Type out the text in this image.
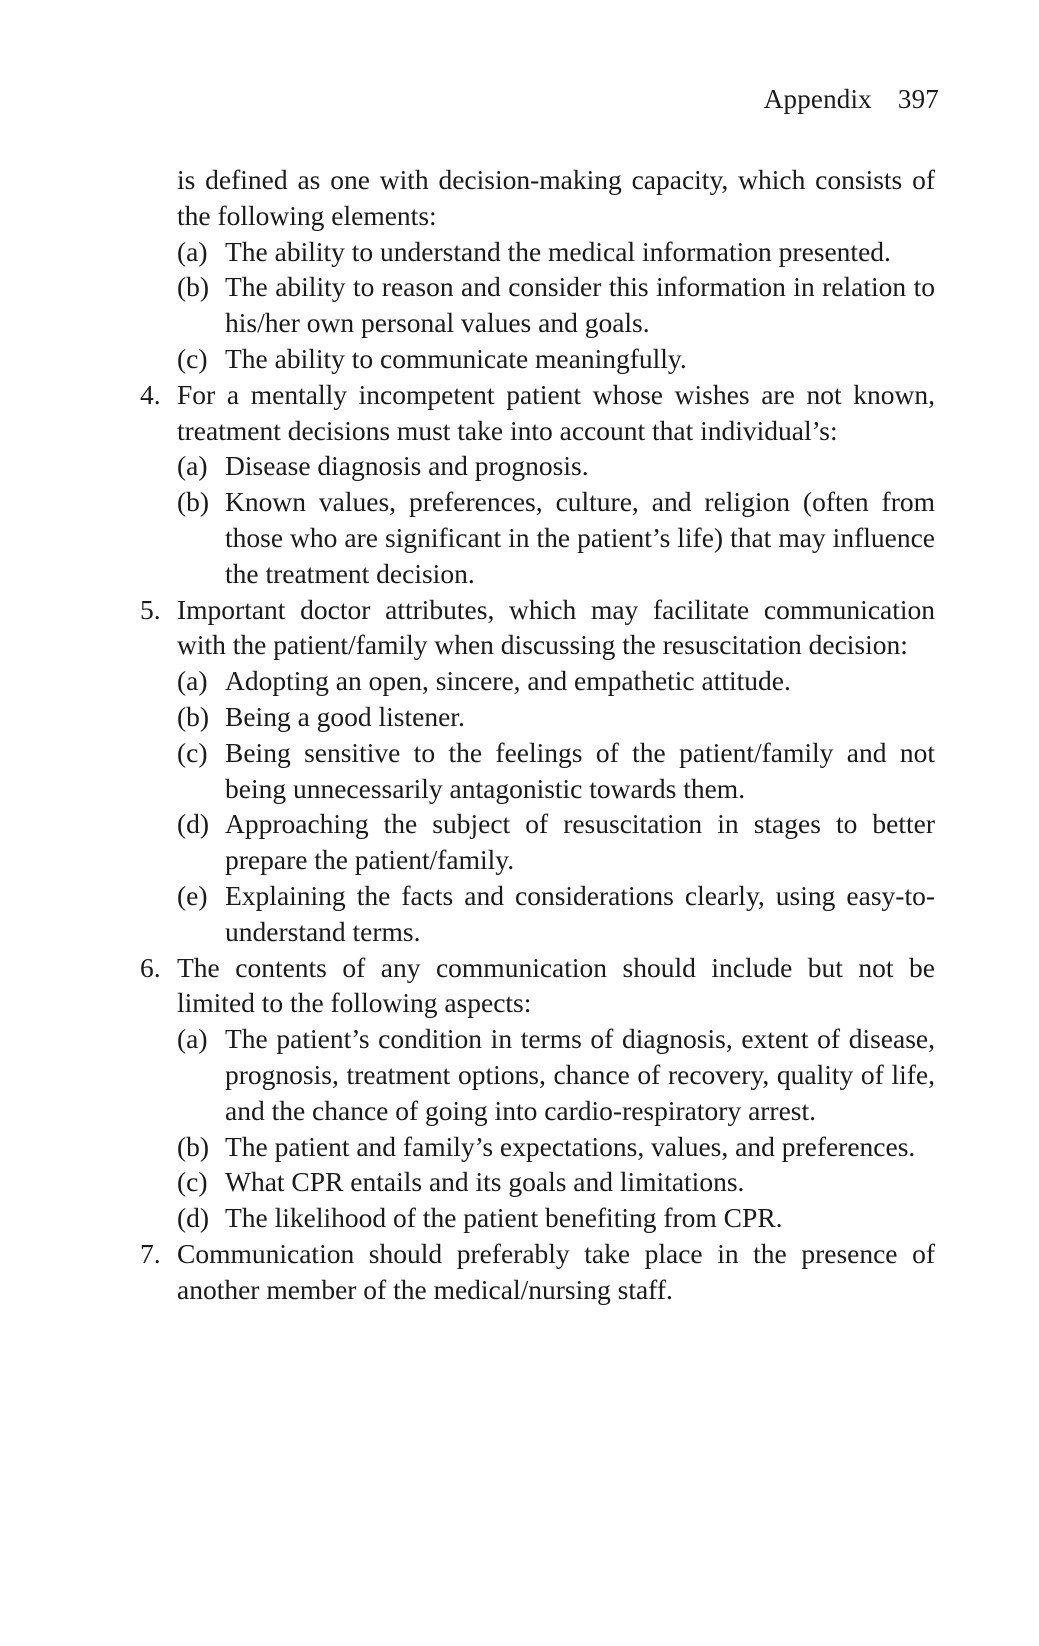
Appendix 397

is defined as one with decision-making capacity, which consists of the following elements:

(a) The ability to understand the medical information presented.
(b) The ability to reason and consider this information in relation to his/her own personal values and goals.
(c) The ability to communicate meaningfully.
4. For a mentally incompetent patient whose wishes are not known, treatment decisions must take into account that individual’s:
(a) Disease diagnosis and prognosis.
(b) Known values, preferences, culture, and religion (often from those who are significant in the patient’s life) that may influence the treatment decision.
5. Important doctor attributes, which may facilitate communication with the patient/family when discussing the resuscitation decision:
(a) Adopting an open, sincere, and empathetic attitude.
(b) Being a good listener.
(c) Being sensitive to the feelings of the patient/family and not being unnecessarily antagonistic towards them.
(d) Approaching the subject of resuscitation in stages to better prepare the patient/family.
(e) Explaining the facts and considerations clearly, using easy-to-understand terms.
6. The contents of any communication should include but not be limited to the following aspects:
(a) The patient’s condition in terms of diagnosis, extent of disease, prognosis, treatment options, chance of recovery, quality of life, and the chance of going into cardio-respiratory arrest.
(b) The patient and family’s expectations, values, and preferences.
(c) What CPR entails and its goals and limitations.
(d) The likelihood of the patient benefiting from CPR.
7. Communication should preferably take place in the presence of another member of the medical/nursing staff.
